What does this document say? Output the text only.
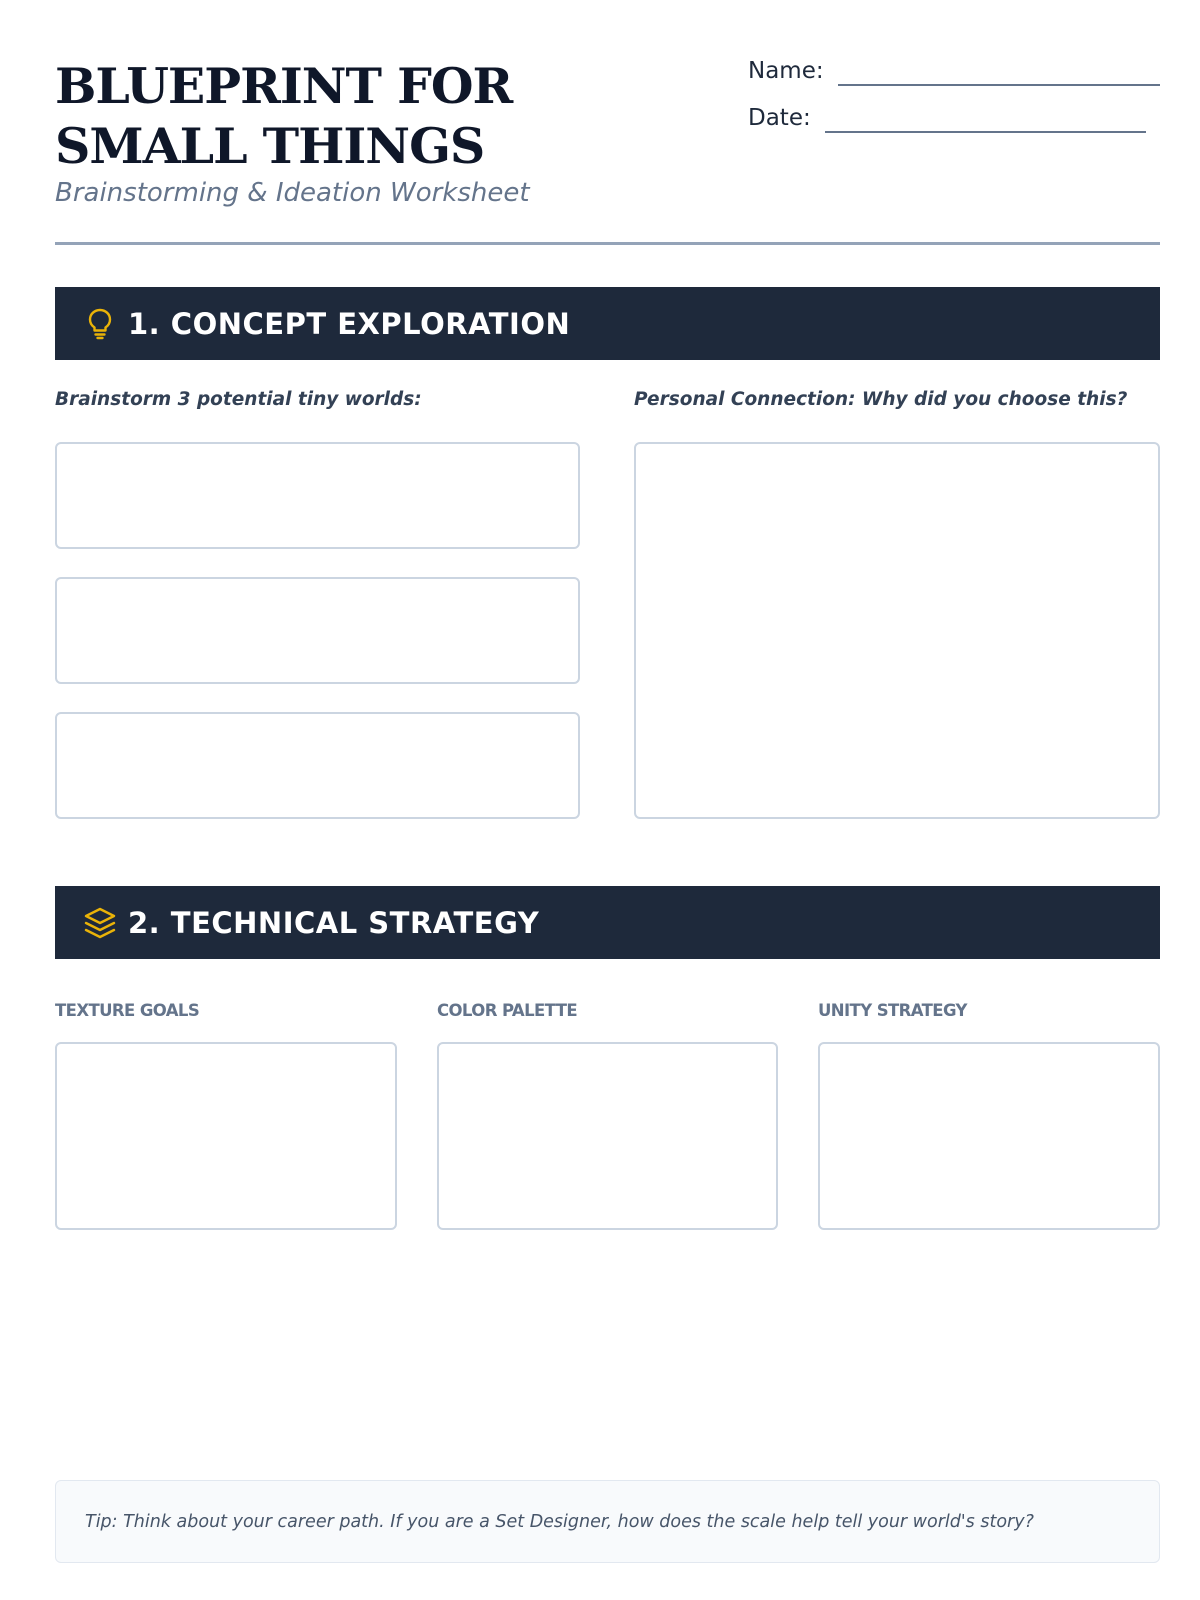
BLUEPRINT FOR SMALL THINGS
Brainstorming & Ideation Worksheet
Name:
Date:
1. CONCEPT EXPLORATION
Brainstorm 3 potential tiny worlds:	Personal Connection: Why did you choose this?
2. TECHNICAL STRATEGY
TEXTURE GOALS	COLOR PALETTE	UNITY STRATEGY
Tip: Think about your career path. If you are a Set Designer, how does the scale help tell your world's story?
